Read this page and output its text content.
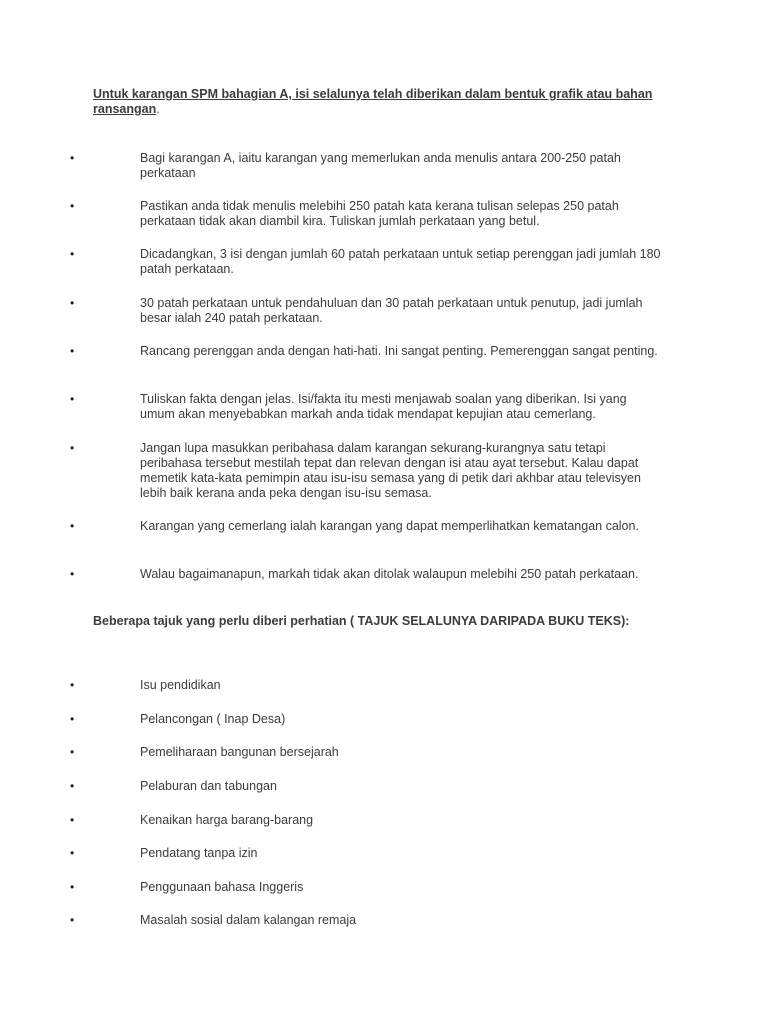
Untuk karangan SPM bahagian A, isi selalunya telah diberikan dalam bentuk grafik atau bahan ransangan.
•	Bagi karangan A, iaitu karangan yang memerlukan anda menulis antara 200-250 patah perkataan
•	Pastikan anda tidak menulis melebihi 250 patah kata kerana tulisan selepas 250 patah perkataan tidak akan diambil kira. Tuliskan jumlah perkataan yang betul.
•	Dicadangkan, 3 isi dengan jumlah 60 patah perkataan untuk setiap perenggan jadi jumlah 180 patah perkataan.
•	30 patah perkataan untuk pendahuluan dan 30 patah perkataan untuk penutup, jadi jumlah besar ialah 240 patah perkataan.
•	Rancang perenggan anda dengan hati-hati. Ini sangat penting. Pemerenggan sangat penting.
•	Tuliskan fakta dengan jelas. Isi/fakta itu mesti menjawab soalan yang diberikan. Isi yang umum akan menyebabkan markah anda tidak mendapat kepujian atau cemerlang.
•	Jangan lupa masukkan peribahasa dalam karangan sekurang-kurangnya satu tetapi peribahasa tersebut mestilah tepat dan relevan dengan isi atau ayat tersebut. Kalau dapat memetik kata-kata pemimpin atau isu-isu semasa yang di petik dari akhbar atau televisyen lebih baik kerana anda peka dengan isu-isu semasa.
•	Karangan yang cemerlang ialah karangan yang dapat memperlihatkan kematangan calon.
•	Walau bagaimanapun, markah tidak akan ditolak walaupun melebihi 250 patah perkataan.
Beberapa tajuk yang perlu diberi perhatian ( TAJUK SELALUNYA DARIPADA BUKU TEKS):
•	Isu pendidikan
•	Pelancongan ( Inap Desa)
•	Pemeliharaan bangunan bersejarah
•	Pelaburan dan tabungan
•	Kenaikan harga barang-barang
•	Pendatang tanpa izin
•	Penggunaan bahasa Inggeris
•	Masalah sosial dalam kalangan remaja
